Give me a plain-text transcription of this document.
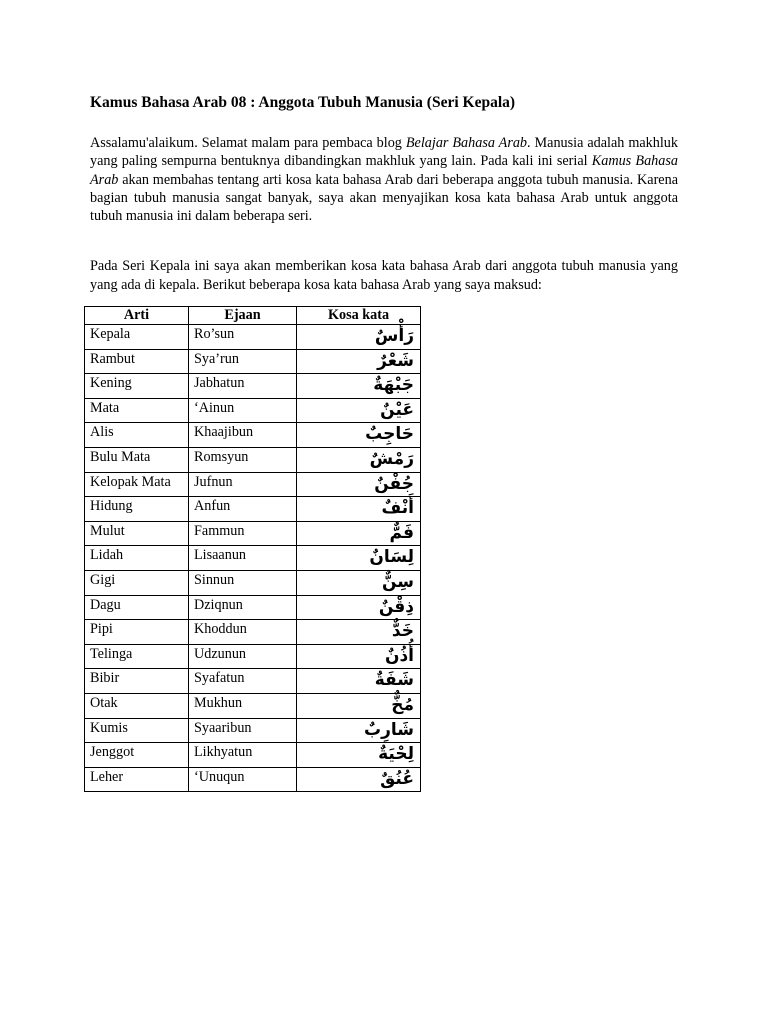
Kamus Bahasa Arab 08 : Anggota Tubuh Manusia (Seri Kepala)

Assalamu'alaikum. Selamat malam para pembaca blog Belajar Bahasa Arab. Manusia adalah makhluk yang paling sempurna bentuknya dibandingkan makhluk yang lain. Pada kali ini serial Kamus Bahasa Arab akan membahas tentang arti kosa kata bahasa Arab dari beberapa anggota tubuh manusia. Karena bagian tubuh manusia sangat banyak, saya akan menyajikan kosa kata bahasa Arab untuk anggota tubuh manusia ini dalam beberapa seri.

Pada Seri Kepala ini saya akan memberikan kosa kata bahasa Arab dari anggota tubuh manusia yang yang ada di kepala. Berikut beberapa kosa kata bahasa Arab yang saya maksud:

Arti	Ejaan	Kosa kata
Kepala	Ro’sun	رَأْسٌ
Rambut	Sya’run	شَعْرٌ
Kening	Jabhatun	جَبْهَةٌ
Mata	‘Ainun	عَيْنٌ
Alis	Khaajibun	حَاجِبٌ
Bulu Mata	Romsyun	رَمْشٌ
Kelopak Mata	Jufnun	جُفْنٌ
Hidung	Anfun	أَنْفٌ
Mulut	Fammun	فَمٌّ
Lidah	Lisaanun	لِسَانٌ
Gigi	Sinnun	سِنٌّ
Dagu	Dziqnun	ذِقْنٌ
Pipi	Khoddun	خَدٌّ
Telinga	Udzunun	أُذُنٌ
Bibir	Syafatun	شَفَةٌ
Otak	Mukhun	مُخٌّ
Kumis	Syaaribun	شَارِبٌ
Jenggot	Likhyatun	لِحْيَةٌ
Leher	‘Unuqun	عُنُقٌ
